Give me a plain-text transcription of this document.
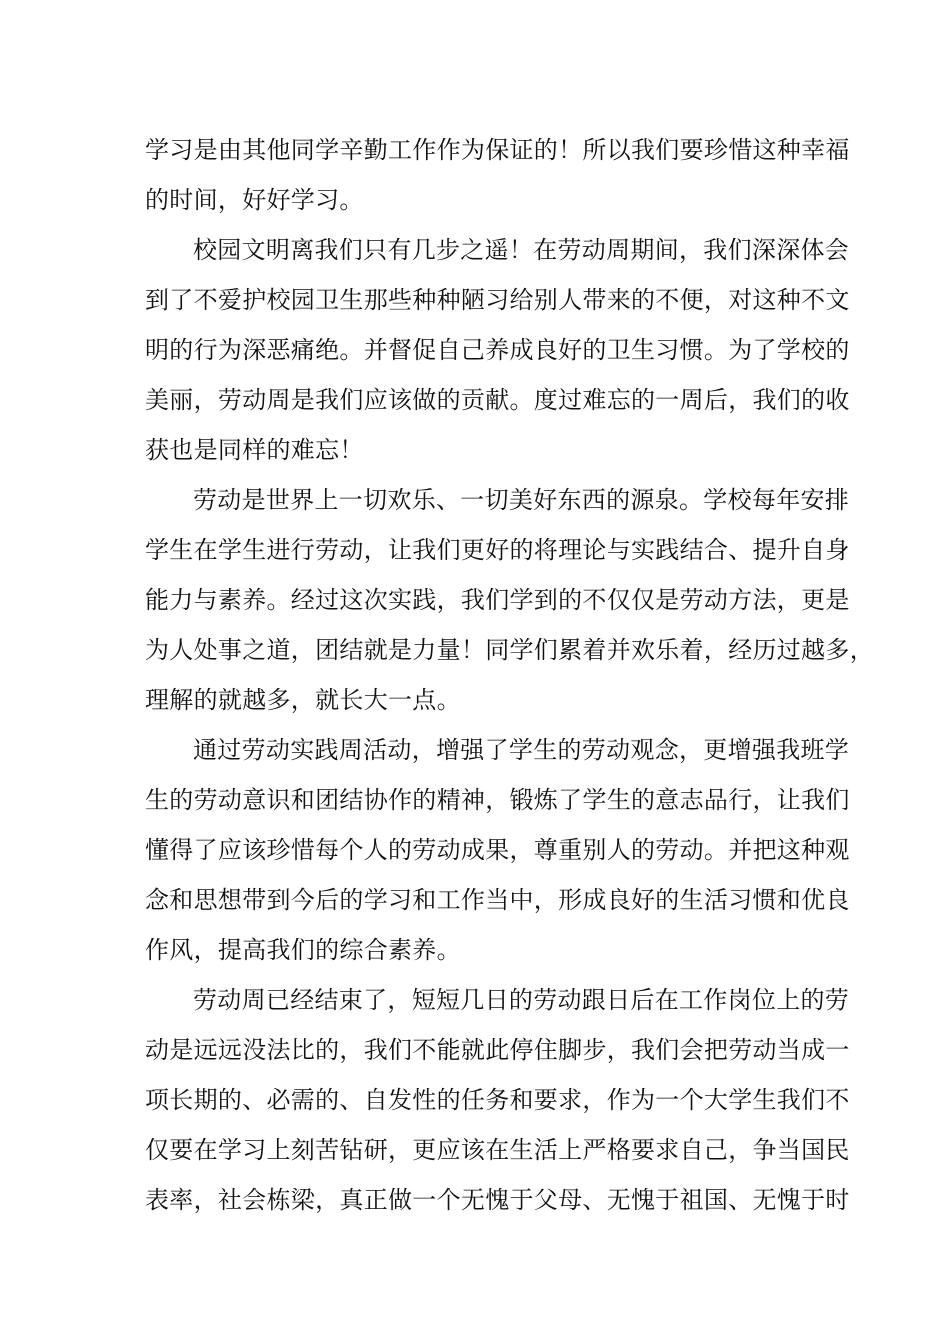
学习是由其他同学辛勤工作作为保证的！所以我们要珍惜这种幸福
的时间，好好学习。
校园文明离我们只有几步之遥！在劳动周期间，我们深深体会
到了不爱护校园卫生那些种种陋习给别人带来的不便，对这种不文
明的行为深恶痛绝。并督促自己养成良好的卫生习惯。为了学校的
美丽，劳动周是我们应该做的贡献。度过难忘的一周后，我们的收
获也是同样的难忘！
劳动是世界上一切欢乐、一切美好东西的源泉。学校每年安排
学生在学生进行劳动，让我们更好的将理论与实践结合、提升自身
能力与素养。经过这次实践，我们学到的不仅仅是劳动方法，更是
为人处事之道，团结就是力量！同学们累着并欢乐着，经历过越多，
理解的就越多，就长大一点。
通过劳动实践周活动，增强了学生的劳动观念，更增强我班学
生的劳动意识和团结协作的精神，锻炼了学生的意志品行，让我们
懂得了应该珍惜每个人的劳动成果，尊重别人的劳动。并把这种观
念和思想带到今后的学习和工作当中，形成良好的生活习惯和优良
作风，提高我们的综合素养。
劳动周已经结束了，短短几日的劳动跟日后在工作岗位上的劳
动是远远没法比的，我们不能就此停住脚步，我们会把劳动当成一
项长期的、必需的、自发性的任务和要求，作为一个大学生我们不
仅要在学习上刻苦钻研，更应该在生活上严格要求自己，争当国民
表率，社会栋梁，真正做一个无愧于父母、无愧于祖国、无愧于时
